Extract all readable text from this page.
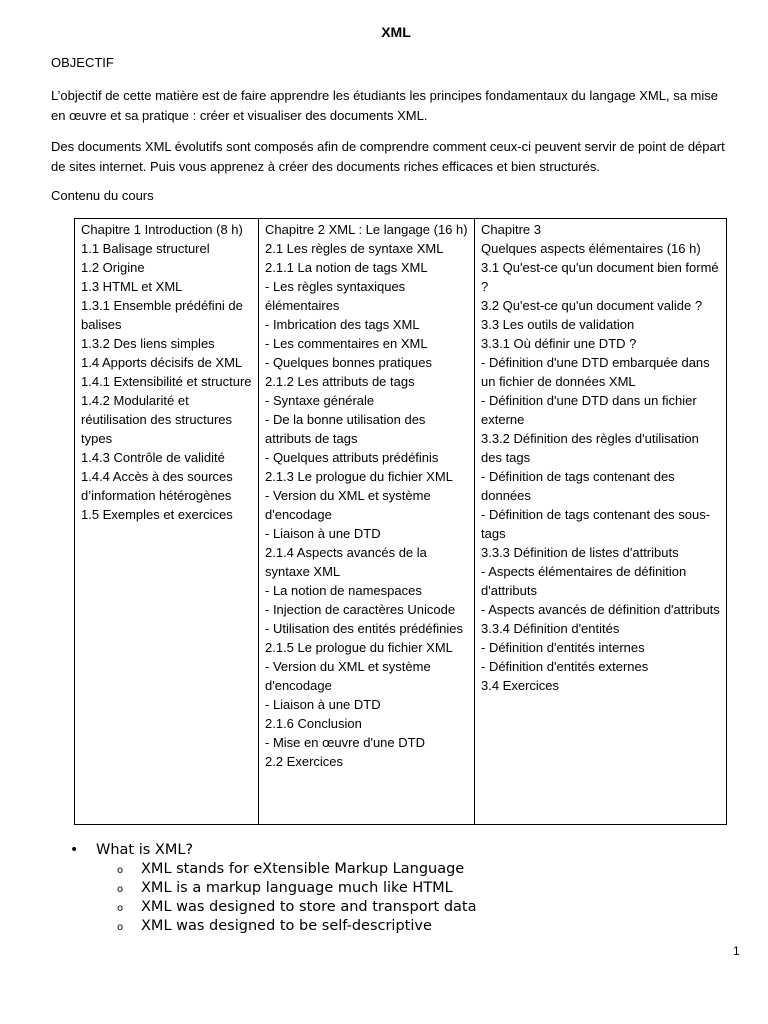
XML
OBJECTIF

L’objectif de cette matière est de faire apprendre les étudiants les principes fondamentaux du langage XML, sa mise en œuvre et sa pratique : créer et visualiser des documents XML.

Des documents XML évolutifs sont composés afin de comprendre comment ceux-ci peuvent servir de point de départ de sites internet. Puis vous apprenez à créer des documents riches efficaces et bien structurés.

Contenu du cours
Chapitre 1 Introduction (8 h)
1.1 Balisage structurel
1.2 Origine
1.3 HTML et XML
1.3.1 Ensemble prédéfini de balises
1.3.2 Des liens simples
1.4 Apports décisifs de XML
1.4.1 Extensibilité et structure
1.4.2 Modularité et réutilisation des structures types
1.4.3 Contrôle de validité
1.4.4 Accès à des sources d’information hétérogènes
1.5 Exemples et exercices

Chapitre 2 XML : Le langage (16 h)
2.1 Les règles de syntaxe XML
2.1.1 La notion de tags XML
- Les règles syntaxiques élémentaires
- Imbrication des tags XML
- Les commentaires en XML
- Quelques bonnes pratiques
2.1.2 Les attributs de tags
- Syntaxe générale
- De la bonne utilisation des attributs de tags
- Quelques attributs prédéfinis
2.1.3 Le prologue du fichier XML
- Version du XML et système d'encodage
- Liaison à une DTD
2.1.4 Aspects avancés de la syntaxe XML
- La notion de namespaces
- Injection de caractères Unicode
- Utilisation des entités prédéfinies
2.1.5 Le prologue du fichier XML
- Version du XML et système d'encodage
- Liaison à une DTD
2.1.6 Conclusion
- Mise en œuvre d'une DTD
2.2 Exercices

Chapitre 3
Quelques aspects élémentaires (16 h)
3.1 Qu'est-ce qu'un document bien formé ?
3.2 Qu'est-ce qu'un document valide ?
3.3 Les outils de validation
3.3.1 Où définir une DTD ?
- Définition d'une DTD embarquée dans un fichier de données XML
- Définition d'une DTD dans un fichier externe
3.3.2 Définition des règles d'utilisation des tags
- Définition de tags contenant des données
- Définition de tags contenant des sous-tags
3.3.3 Définition de listes d'attributs
- Aspects élémentaires de définition d'attributs
- Aspects avancés de définition d'attributs
3.3.4 Définition d'entités
- Définition d'entités internes
- Définition d'entités externes
3.4 Exercices
•	What is XML?
o	XML stands for eXtensible Markup Language
o	XML is a markup language much like HTML
o	XML was designed to store and transport data
o	XML was designed to be self-descriptive
1
